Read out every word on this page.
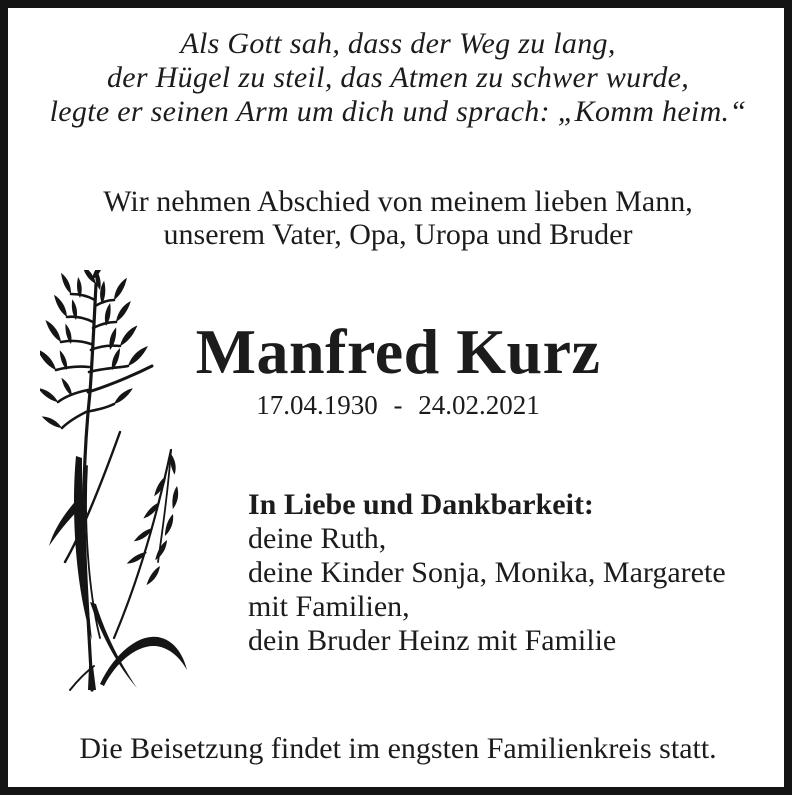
Als Gott sah, dass der Weg zu lang,
der Hügel zu steil, das Atmen zu schwer wurde,
legte er seinen Arm um dich und sprach: „Komm heim.“
Wir nehmen Abschied von meinem lieben Mann,
unserem Vater, Opa, Uropa und Bruder
Manfred Kurz
17.04.1930 - 24.02.2021
In Liebe und Dankbarkeit:
deine Ruth,
deine Kinder Sonja, Monika, Margarete
mit Familien,
dein Bruder Heinz mit Familie
Die Beisetzung findet im engsten Familienkreis statt.
